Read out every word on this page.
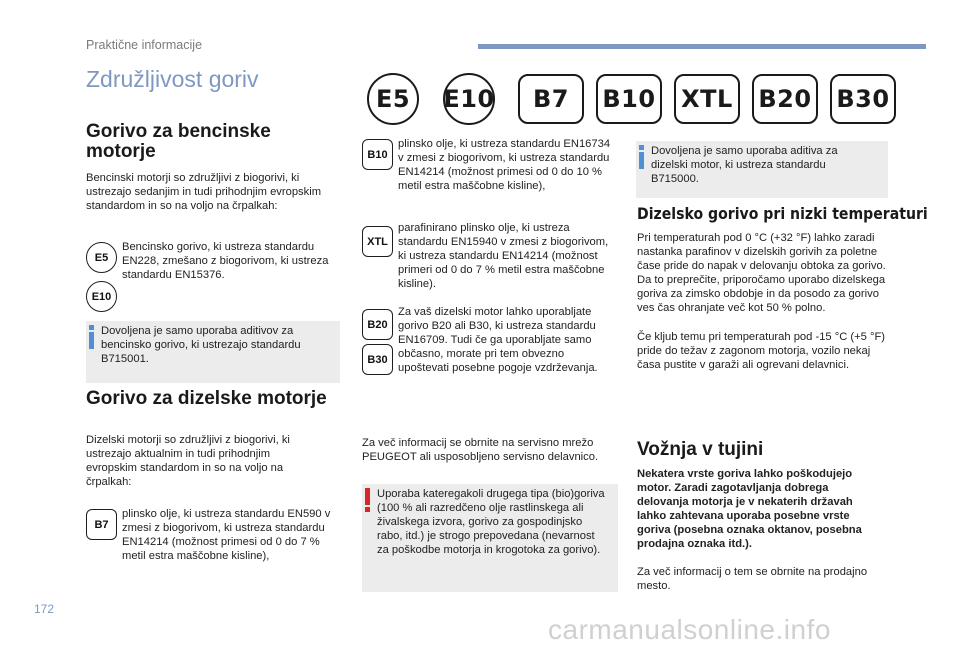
Praktične informacije
Združljivost goriv
E5	E10	B7	B10 XTL B20 B30
Gorivo za bencinske motorje
Bencinski motorji so združljivi z biogorivi, ki ustrezajo sedanjim in tudi prihodnjim evropskim standardom in so na voljo na črpalkah:
E5
E10
Bencinsko gorivo, ki ustreza standardu EN228, zmešano z biogorivom, ki ustreza standardu EN15376.
Dovoljena je samo uporaba aditivov za bencinsko gorivo, ki ustrezajo standardu B715001.
Gorivo za dizelske motorje
Dizelski motorji so združljivi z biogorivi, ki ustrezajo aktualnim in tudi prihodnjim evropskim standardom in so na voljo na črpalkah:
B7
plinsko olje, ki ustreza standardu EN590 v zmesi z biogorivom, ki ustreza standardu EN14214 (možnost primesi od 0 do 7 % metil estra maščobne kisline),
B10
plinsko olje, ki ustreza standardu EN16734 v zmesi z biogorivom, ki ustreza standardu EN14214 (možnost primesi od 0 do 10 % metil estra maščobne kisline),
XTL
parafinirano plinsko olje, ki ustreza standardu EN15940 v zmesi z biogorivom, ki ustreza standardu EN14214 (možnost primeri od 0 do 7 % metil estra maščobne kisline).
B20
B30
Za vaš dizelski motor lahko uporabljate gorivo B20 ali B30, ki ustreza standardu EN16709. Tudi če ga uporabljate samo občasno, morate pri tem obvezno upoštevati posebne pogoje vzdrževanja.
Za več informacij se obrnite na servisno mrežo PEUGEOT ali usposobljeno servisno delavnico.
Uporaba kateregakoli drugega tipa (bio)goriva (100 % ali razredčeno olje rastlinskega ali živalskega izvora, gorivo za gospodinjsko rabo, itd.) je strogo prepovedana (nevarnost za poškodbe motorja in krogotoka za gorivo).
Dovoljena je samo uporaba aditiva za dizelski motor, ki ustreza standardu B715000.
Dizelsko gorivo pri nizki temperaturi
Pri temperaturah pod 0 °C (+32 °F) lahko zaradi nastanka parafinov v dizelskih gorivih za poletne čase pride do napak v delovanju obtoka za gorivo. Da to preprečite, priporočamo uporabo dizelskega goriva za zimsko obdobje in da posodo za gorivo ves čas ohranjate več kot 50 % polno.
Če kljub temu pri temperaturah pod -15 °C (+5 °F) pride do težav z zagonom motorja, vozilo nekaj časa pustite v garaži ali ogrevani delavnici.
Vožnja v tujini
Nekatera vrste goriva lahko poškodujejo motor. Zaradi zagotavljanja dobrega delovanja motorja je v nekaterih državah lahko zahtevana uporaba posebne vrste goriva (posebna oznaka oktanov, posebna prodajna oznaka itd.).
Za več informacij o tem se obrnite na prodajno mesto.
172
carmanualsonline.info
